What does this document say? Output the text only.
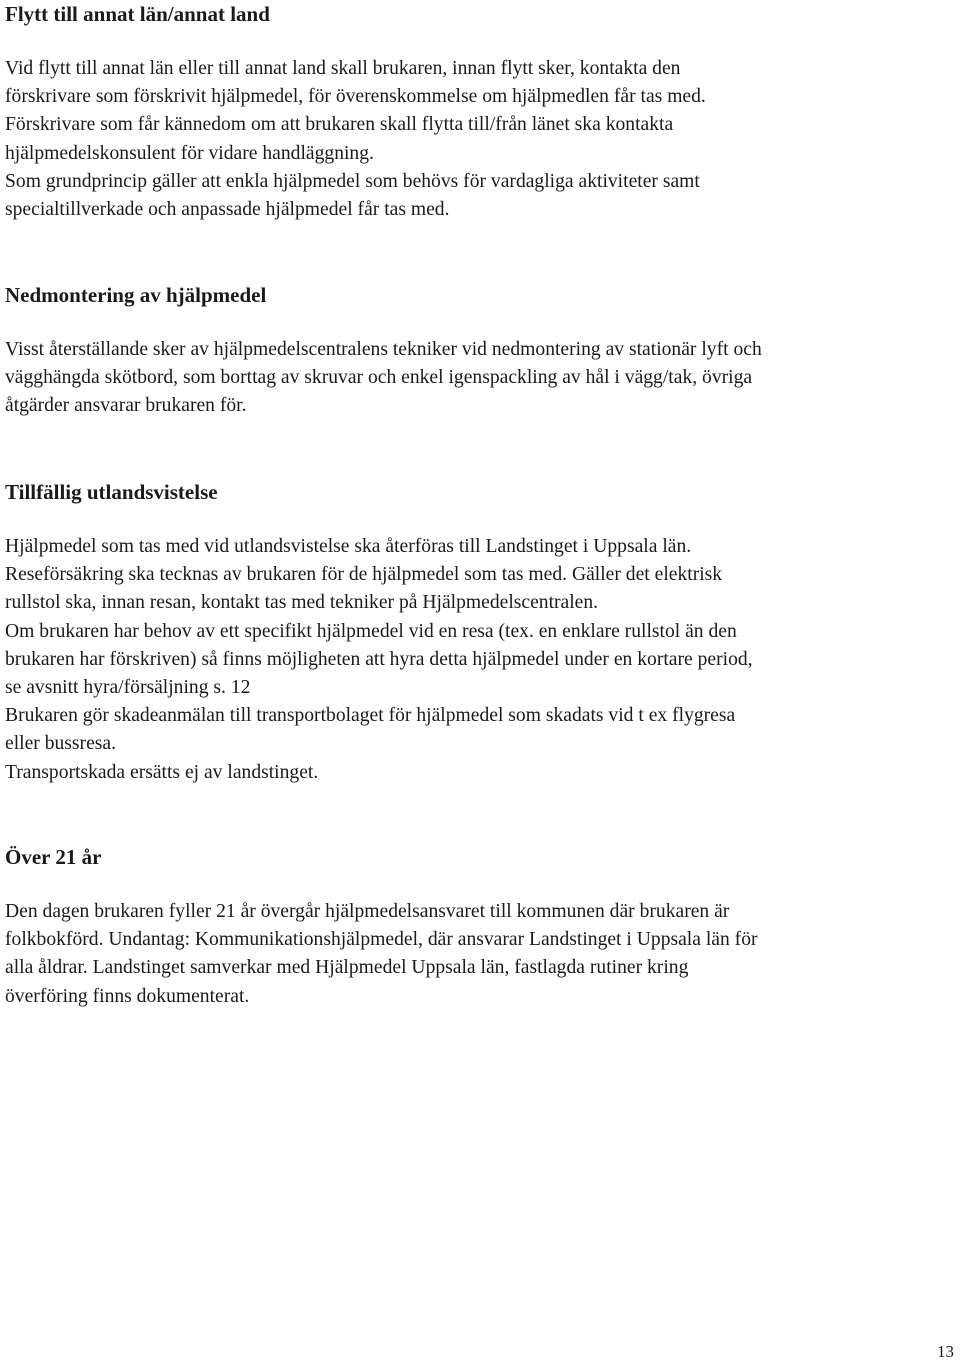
Flytt till annat län/annat land
Vid flytt till annat län eller till annat land skall brukaren, innan flytt sker, kontakta den
förskrivare som förskrivit hjälpmedel, för överenskommelse om hjälpmedlen får tas med.
Förskrivare som får kännedom om att brukaren skall flytta till/från länet ska kontakta
hjälpmedelskonsulent för vidare handläggning.
Som grundprincip gäller att enkla hjälpmedel som behövs för vardagliga aktiviteter samt
specialtillverkade och anpassade hjälpmedel får tas med.
Nedmontering av hjälpmedel
Visst återställande sker av hjälpmedelscentralens tekniker vid nedmontering av stationär lyft och
vägghängda skötbord, som borttag av skruvar och enkel igenspackling av hål i vägg/tak, övriga
åtgärder ansvarar brukaren för.
Tillfällig utlandsvistelse
Hjälpmedel som tas med vid utlandsvistelse ska återföras till Landstinget i Uppsala län.
Reseförsäkring ska tecknas av brukaren för de hjälpmedel som tas med. Gäller det elektrisk
rullstol ska, innan resan, kontakt tas med tekniker på Hjälpmedelscentralen.
Om brukaren har behov av ett specifikt hjälpmedel vid en resa (tex. en enklare rullstol än den
brukaren har förskriven) så finns möjligheten att hyra detta hjälpmedel under en kortare period,
se avsnitt hyra/försäljning s. 12
Brukaren gör skadeanmälan till transportbolaget för hjälpmedel som skadats vid t ex flygresa
eller bussresa.
Transportskada ersätts ej av landstinget.
Över 21 år
Den dagen brukaren fyller 21 år övergår hjälpmedelsansvaret till kommunen där brukaren är
folkbokförd. Undantag: Kommunikationshjälpmedel, där ansvarar Landstinget i Uppsala län för
alla åldrar. Landstinget samverkar med Hjälpmedel Uppsala län, fastlagda rutiner kring
överföring finns dokumenterat.
13
